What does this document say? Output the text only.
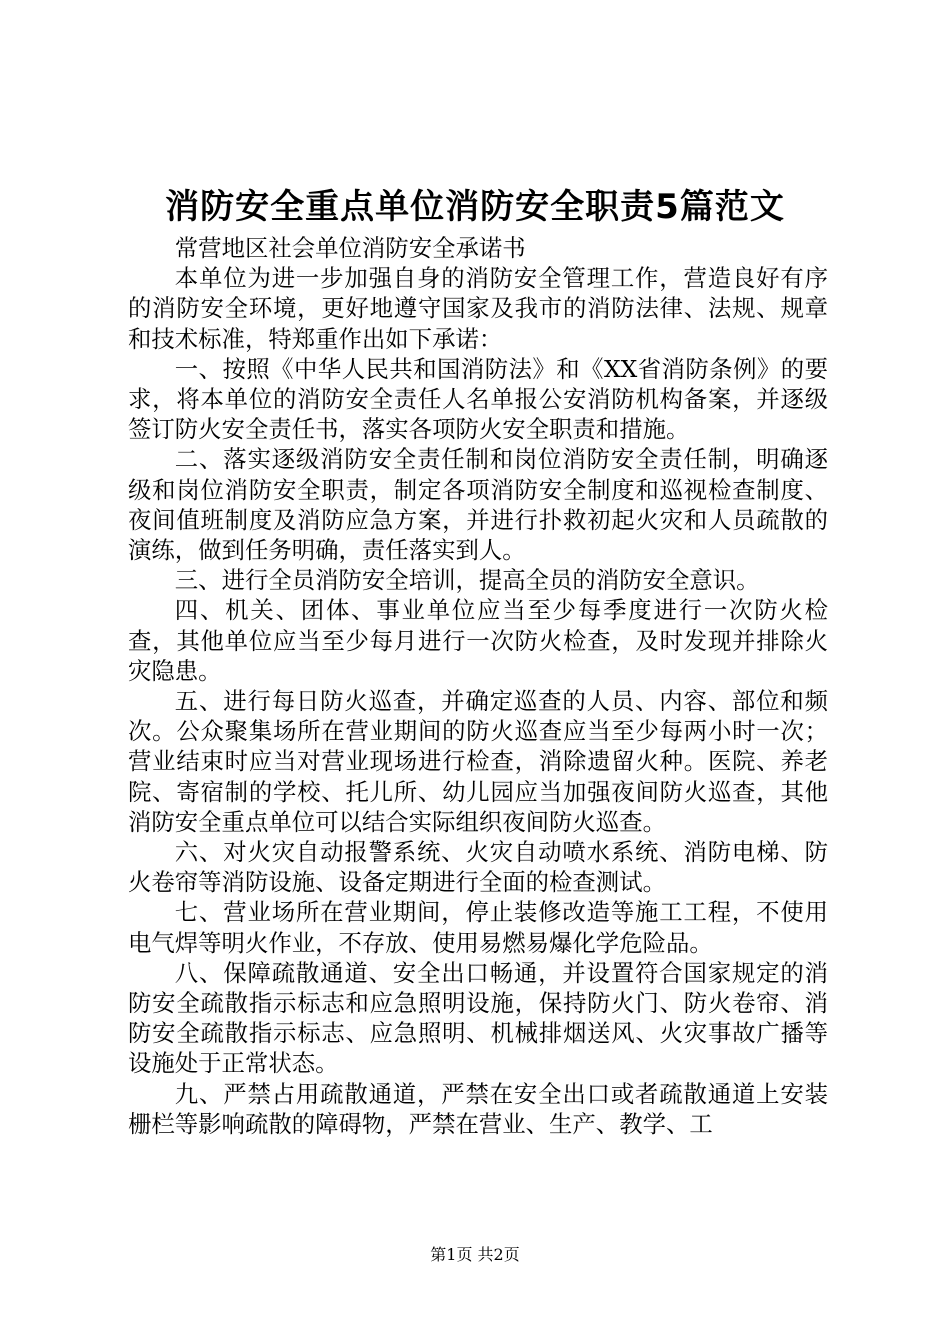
消防安全重点单位消防安全职责5篇范文

常营地区社会单位消防安全承诺书

本单位为进一步加强自身的消防安全管理工作，营造良好有序的消防安全环境，更好地遵守国家及我市的消防法律、法规、规章和技术标准，特郑重作出如下承诺：

一、按照《中华人民共和国消防法》和《XX省消防条例》的要求，将本单位的消防安全责任人名单报公安消防机构备案，并逐级签订防火安全责任书，落实各项防火安全职责和措施。

二、落实逐级消防安全责任制和岗位消防安全责任制，明确逐级和岗位消防安全职责，制定各项消防安全制度和巡视检查制度、夜间值班制度及消防应急方案，并进行扑救初起火灾和人员疏散的演练，做到任务明确，责任落实到人。

三、进行全员消防安全培训，提高全员的消防安全意识。

四、机关、团体、事业单位应当至少每季度进行一次防火检查，其他单位应当至少每月进行一次防火检查，及时发现并排除火灾隐患。

五、进行每日防火巡查，并确定巡查的人员、内容、部位和频次。公众聚集场所在营业期间的防火巡查应当至少每两小时一次；营业结束时应当对营业现场进行检查，消除遗留火种。医院、养老院、寄宿制的学校、托儿所、幼儿园应当加强夜间防火巡查，其他消防安全重点单位可以结合实际组织夜间防火巡查。

六、对火灾自动报警系统、火灾自动喷水系统、消防电梯、防火卷帘等消防设施、设备定期进行全面的检查测试。

七、营业场所在营业期间，停止装修改造等施工工程，不使用电气焊等明火作业，不存放、使用易燃易爆化学危险品。

八、保障疏散通道、安全出口畅通，并设置符合国家规定的消防安全疏散指示标志和应急照明设施，保持防火门、防火卷帘、消防安全疏散指示标志、应急照明、机械排烟送风、火灾事故广播等设施处于正常状态。

九、严禁占用疏散通道，严禁在安全出口或者疏散通道上安装栅栏等影响疏散的障碍物，严禁在营业、生产、教学、工

第1页 共2页
